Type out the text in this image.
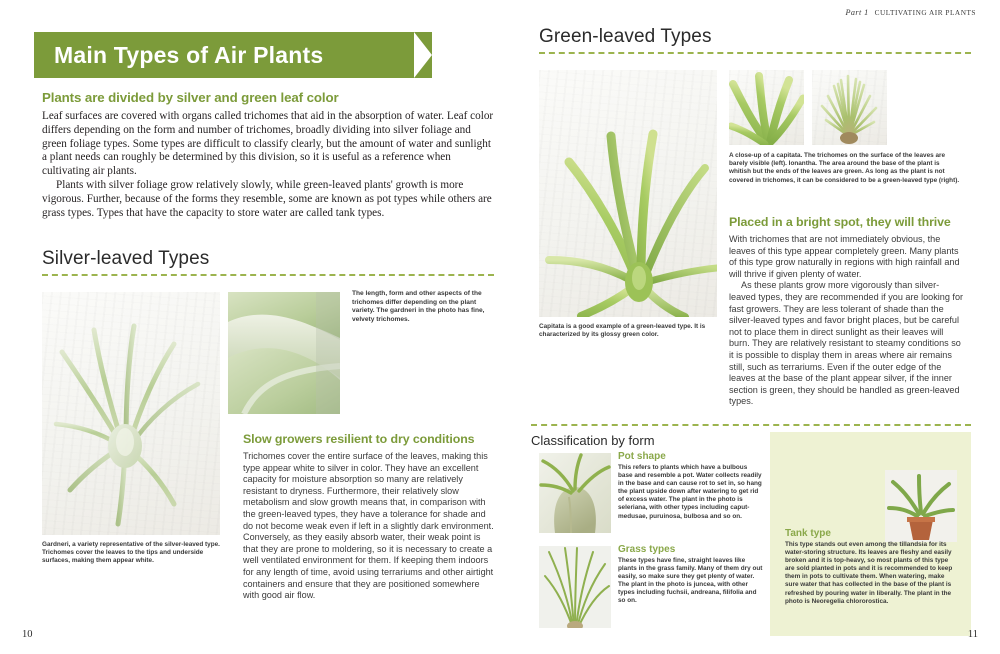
Main Types of Air Plants
Plants are divided by silver and green leaf color

Leaf surfaces are covered with organs called trichomes that aid in the absorption of water. Leaf color differs depending on the form and number of trichomes, broadly dividing into silver foliage and green foliage types. Some types are difficult to classify clearly, but the amount of water and sunlight a plant needs can roughly be determined by this division, so it is useful as a reference when cultivating air plants.

Plants with silver foliage grow relatively slowly, while green-leaved plants' growth is more vigorous. Further, because of the forms they resemble, some are known as pot types while others are grass types. Types that have the capacity to store water are called tank types.

Silver-leaved Types
The length, form and other aspects of the trichomes differ depending on the plant variety. The gardneri in the photo has fine, velvety trichomes.
Gardneri, a variety representative of the silver-leaved type. Trichomes cover the leaves to the tips and underside surfaces, making them appear white.
Slow growers resilient to dry conditions

Trichomes cover the entire surface of the leaves, making this type appear white to silver in color. They have an excellent capacity for moisture absorption so many are relatively resistant to dryness. Furthermore, their relatively slow metabolism and slow growth means that, in comparison with the green-leaved types, they have a tolerance for shade and do not become weak even if left in a slightly dark environment. Conversely, as they easily absorb water, their weak point is that they are prone to moldering, so it is necessary to create a well ventilated environment for them. If keeping them indoors for any length of time, avoid using terrariums and other airtight containers and ensure that they are positioned somewhere with good air flow.

10
Part 1 CULTIVATING AIR PLANTS
Green-leaved Types
A close-up of a capitata. The trichomes on the surface of the leaves are barely visible (left). Ionantha. The area around the base of the plant is whitish but the ends of the leaves are green. As long as the plant is not covered in trichomes, it can be considered to be a green-leaved type (right).
Capitata is a good example of a green-leaved type. It is characterized by its glossy green color.
Placed in a bright spot, they will thrive

With trichomes that are not immediately obvious, the leaves of this type appear completely green. Many plants of this type grow naturally in regions with high rainfall and will thrive if given plenty of water.

As these plants grow more vigorously than silver-leaved types, they are recommended if you are looking for fast growers. They are less tolerant of shade than the silver-leaved types and favor bright places, but be careful not to place them in direct sunlight as their leaves will burn. They are relatively resistant to steamy conditions so it is possible to display them in areas where air remains still, such as terrariums. Even if the outer edge of the leaves at the base of the plant appear silver, if the inner section is green, they should be handled as green-leaved types.

Classification by form
Pot shape
This refers to plants which have a bulbous base and resemble a pot. Water collects readily in the base and can cause rot to set in, so hang the plant upside down after watering to get rid of excess water. The plant in the photo is seleriana, with other types including caput-medusae, puruinosa, bulbosa and so on.
Grass types
These types have fine, straight leaves like plants in the grass family. Many of them dry out easily, so make sure they get plenty of water. The plant in the photo is juncea, with other types including fuchsii, andreana, filifolia and so on.
Tank type
This type stands out even among the tillandsia for its water-storing structure. Its leaves are fleshy and easily broken and it is top-heavy, so most plants of this type are sold planted in pots and it is recommended to keep them in pots to cultivate them. When watering, make sure water that has collected in the base of the plant is refreshed by pouring water in liberally. The plant in the photo is Neoregelia chlororostica.
11
